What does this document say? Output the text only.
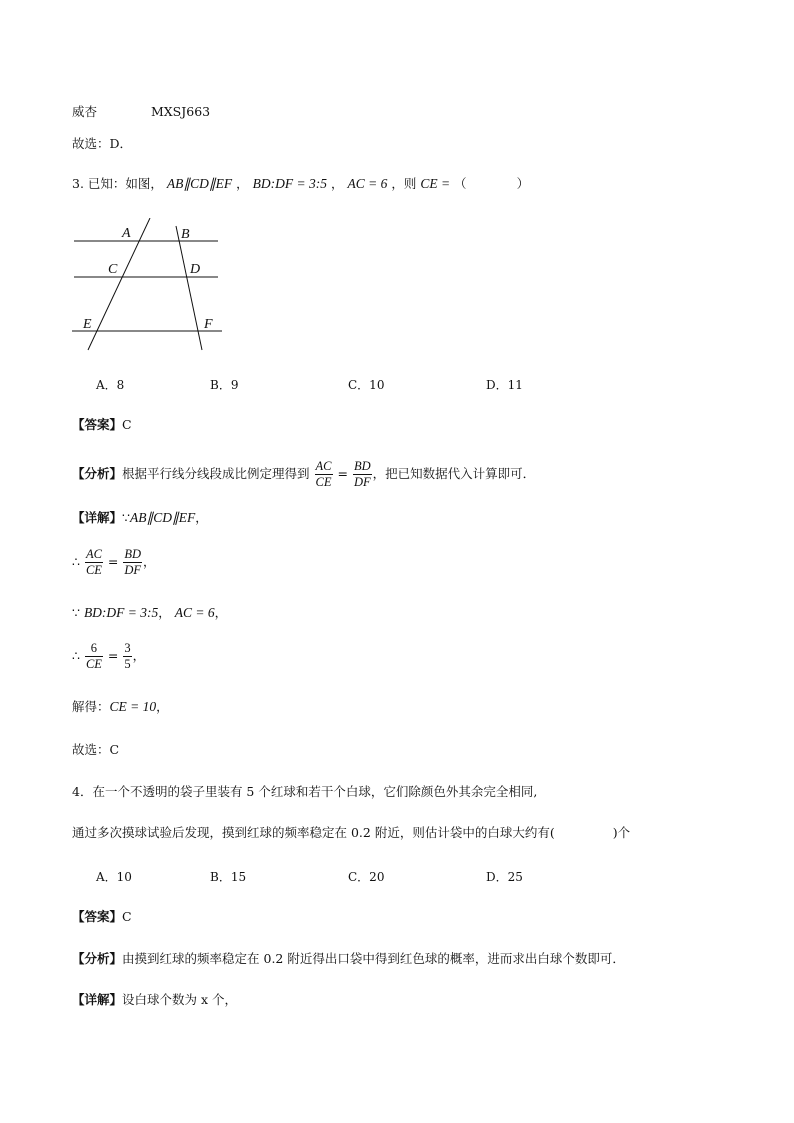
威杏	MXSJ663
故选：D．
3. 已知：如图， AB∥CD∥EF ， BD:DF = 3:5 ， AC = 6 ，则 CE = （	）
A	B
C	D
E	F
A．8	B．9	C．10	D．11
【答案】C
【分析】根据平行线分线段成比例定理得到 $\frac{AC}{CE} = \frac{BD}{DF}$ ，把已知数据代入计算即可．
【详解】∵AB∥CD∥EF，
∴ $\frac{AC}{CE} = \frac{BD}{DF}$ ，
∵ BD:DF = 3:5， AC = 6，
∴ $\frac{6}{CE} = \frac{3}{5}$ ，
解得：CE = 10，
故选：C
4．在一个不透明的袋子里装有 5 个红球和若干个白球，它们除颜色外其余完全相同,
通过多次摸球试验后发现，摸到红球的频率稳定在 0.2 附近，则估计袋中的白球大约有(	)个
A．10	B．15	C．20	D．25
【答案】C
【分析】由摸到红球的频率稳定在 0.2 附近得出口袋中得到红色球的概率，进而求出白球个数即可．
【详解】设白球个数为 x 个，
